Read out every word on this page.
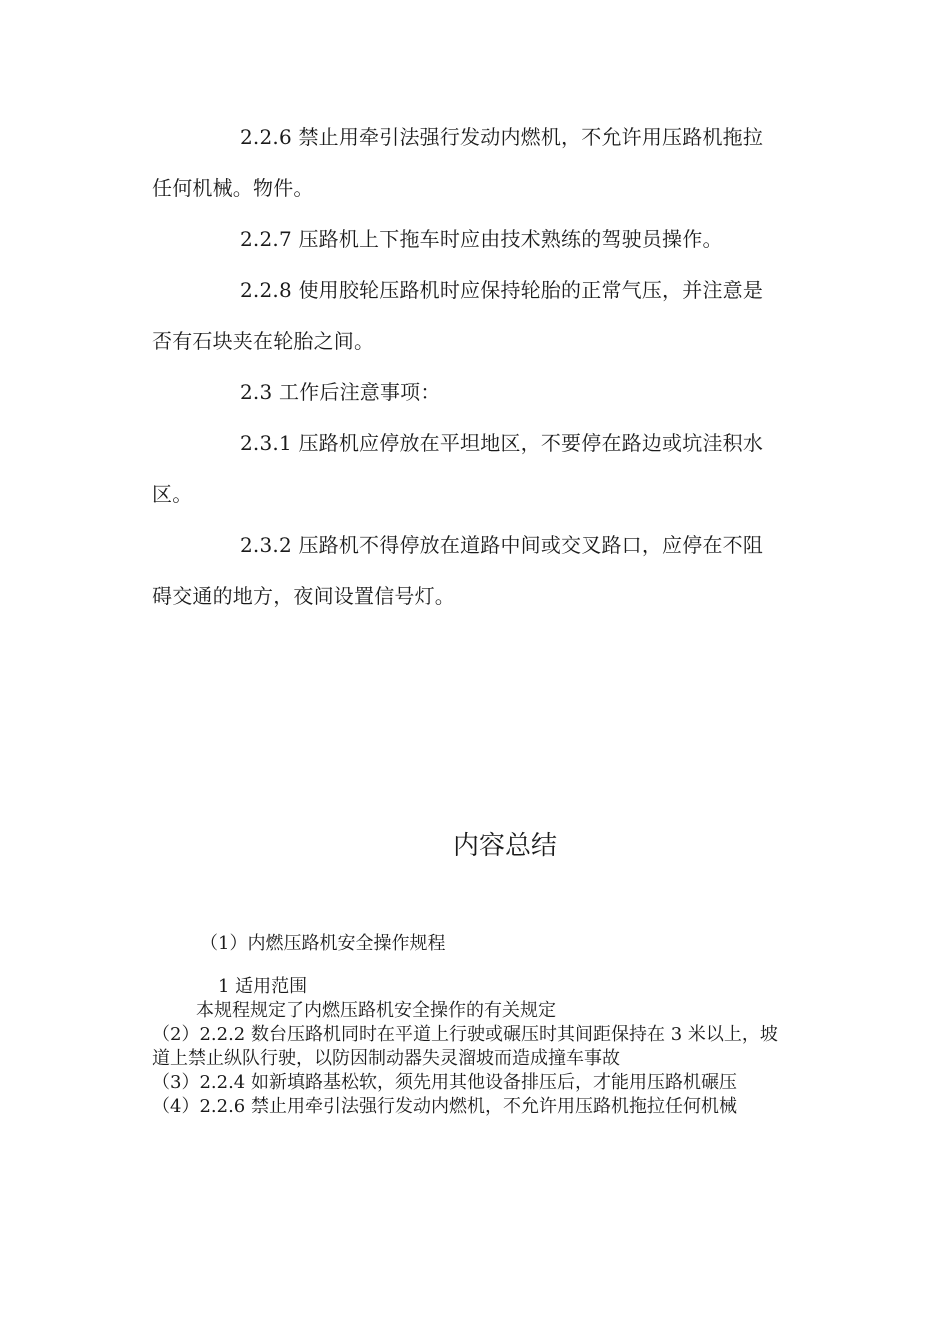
2.2.6 禁止用牵引法强行发动内燃机，不允许用压路机拖拉任何机械。物件。

2.2.7 压路机上下拖车时应由技术熟练的驾驶员操作。

2.2.8 使用胶轮压路机时应保持轮胎的正常气压，并注意是否有石块夹在轮胎之间。

2.3 工作后注意事项：

2.3.1 压路机应停放在平坦地区，不要停在路边或坑洼积水区。

2.3.2 压路机不得停放在道路中间或交叉路口，应停在不阻碍交通的地方，夜间设置信号灯。

内容总结

（1）内燃压路机安全操作规程

1 适用范围

本规程规定了内燃压路机安全操作的有关规定

（2）2.2.2 数台压路机同时在平道上行驶或碾压时其间距保持在 3 米以上，坡道上禁止纵队行驶，以防因制动器失灵溜坡而造成撞车事故

（3）2.2.4 如新填路基松软，须先用其他设备排压后，才能用压路机碾压

（4）2.2.6 禁止用牵引法强行发动内燃机，不允许用压路机拖拉任何机械
